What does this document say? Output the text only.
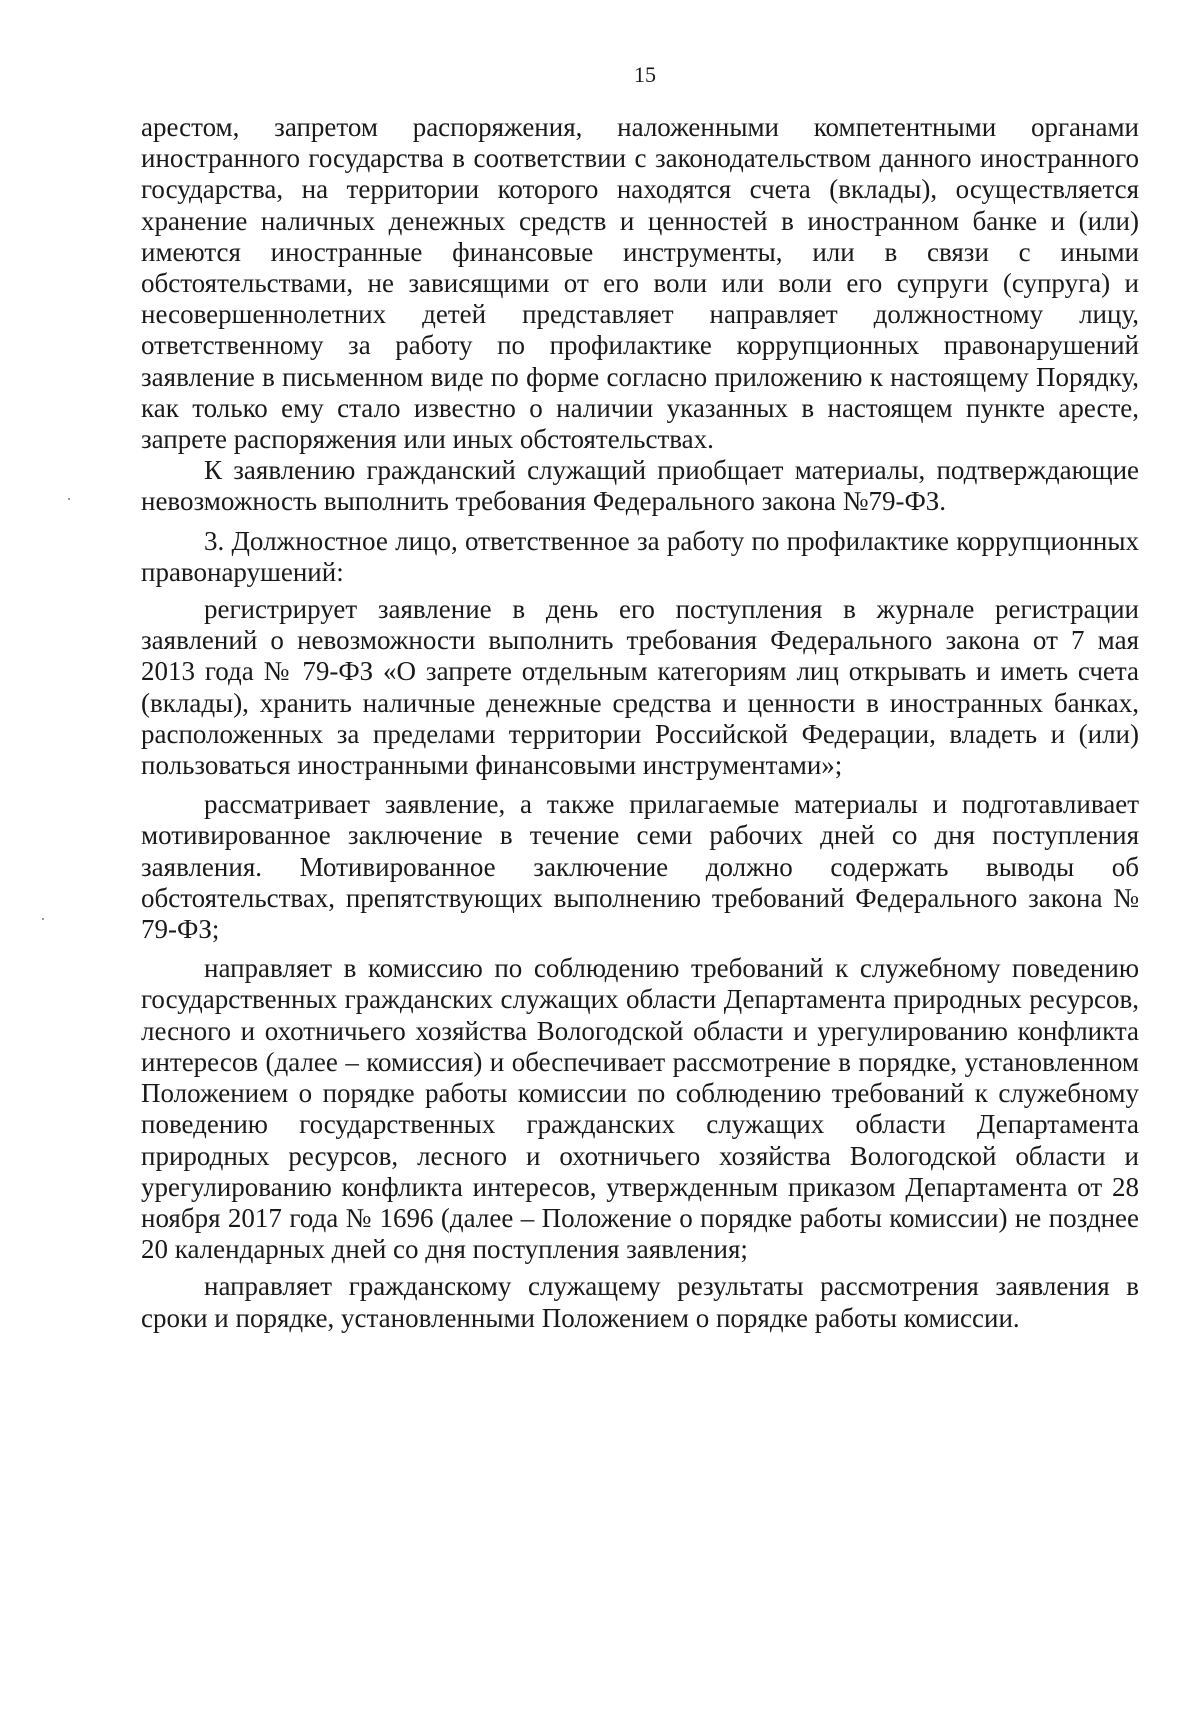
15

арестом, запретом распоряжения, наложенными компетентными органами иностранного государства в соответствии с законодательством данного иностранного государства, на территории которого находятся счета (вклады), осуществляется хранение наличных денежных средств и ценностей в иностранном банке и (или) имеются иностранные финансовые инструменты, или в связи с иными обстоятельствами, не зависящими от его воли или воли его супруги (супруга) и несовершеннолетних детей представляет направляет должностному лицу, ответственному за работу по профилактике коррупционных правонарушений заявление в письменном виде по форме согласно приложению к настоящему Порядку, как только ему стало известно о наличии указанных в настоящем пункте аресте, запрете распоряжения или иных обстоятельствах.

К заявлению гражданский служащий приобщает материалы, подтверждающие невозможность выполнить требования Федерального закона №79-ФЗ.

3. Должностное лицо, ответственное за работу по профилактике коррупционных правонарушений:

регистрирует заявление в день его поступления в журнале регистрации заявлений о невозможности выполнить требования Федерального закона от 7 мая 2013 года № 79-ФЗ «О запрете отдельным категориям лиц открывать и иметь счета (вклады), хранить наличные денежные средства и ценности в иностранных банках, расположенных за пределами территории Российской Федерации, владеть и (или) пользоваться иностранными финансовыми инструментами»;

рассматривает заявление, а также прилагаемые материалы и подготавливает мотивированное заключение в течение семи рабочих дней со дня поступления заявления. Мотивированное заключение должно содержать выводы об обстоятельствах, препятствующих выполнению требований Федерального закона № 79-ФЗ;

направляет в комиссию по соблюдению требований к служебному поведению государственных гражданских служащих области Департамента природных ресурсов, лесного и охотничьего хозяйства Вологодской области и урегулированию конфликта интересов (далее – комиссия) и обеспечивает рассмотрение в порядке, установленном Положением о порядке работы комиссии по соблюдению требований к служебному поведению государственных гражданских служащих области Департамента природных ресурсов, лесного и охотничьего хозяйства Вологодской области и урегулированию конфликта интересов, утвержденным приказом Департамента от 28 ноября 2017 года № 1696 (далее – Положение о порядке работы комиссии) не позднее 20 календарных дней со дня поступления заявления;

направляет гражданскому служащему результаты рассмотрения заявления в сроки и порядке, установленными Положением о порядке работы комиссии.
